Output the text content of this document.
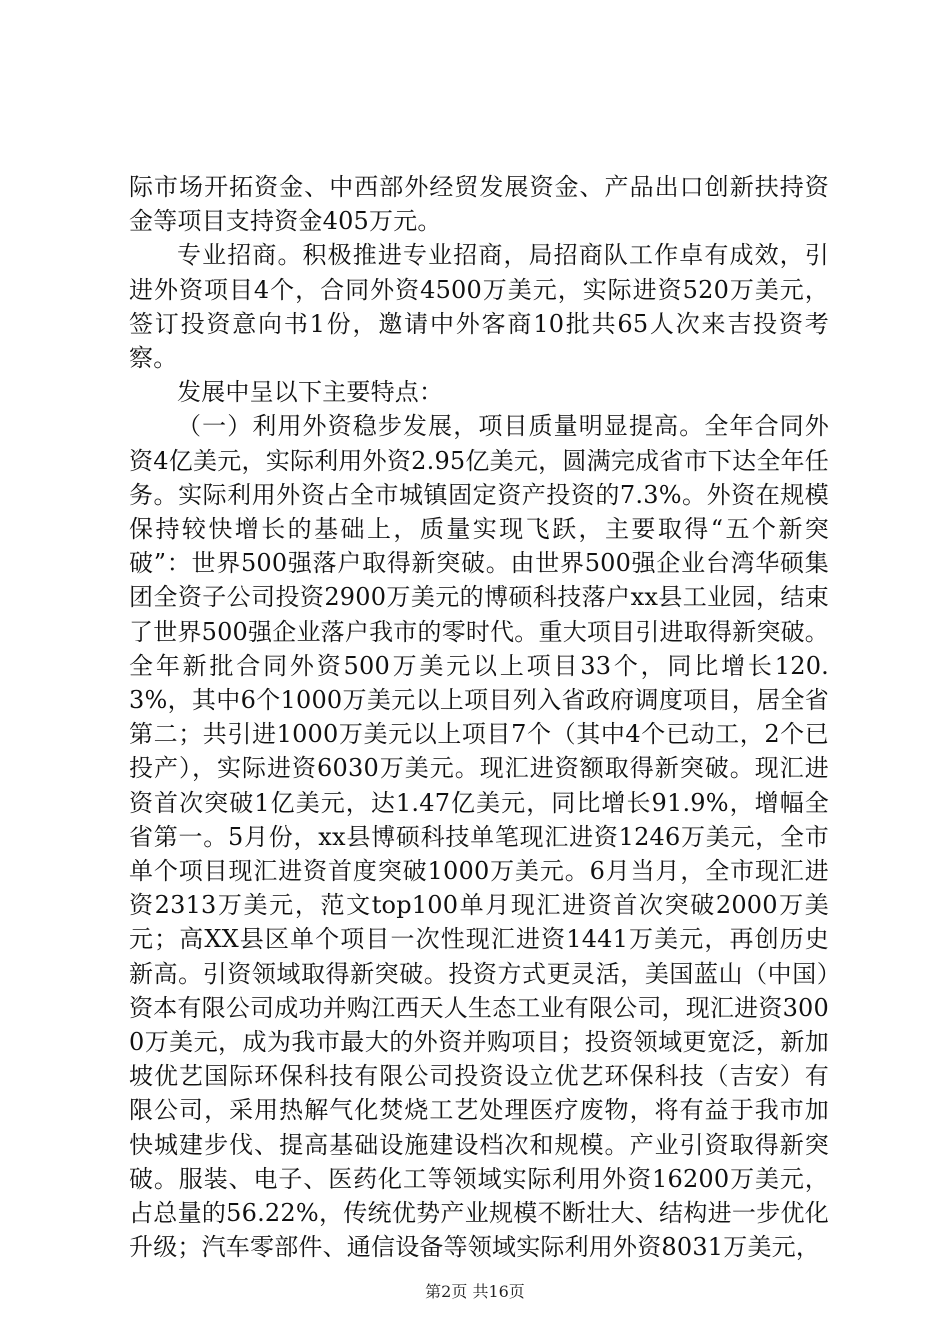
际市场开拓资金、中西部外经贸发展资金、产品出口创新扶持资金等项目支持资金405万元。

专业招商。积极推进专业招商，局招商队工作卓有成效，引进外资项目4个，合同外资4500万美元，实际进资520万美元，签订投资意向书1份，邀请中外客商10批共65人次来吉投资考察。

发展中呈以下主要特点：

（一）利用外资稳步发展，项目质量明显提高。全年合同外资4亿美元，实际利用外资2.95亿美元，圆满完成省市下达全年任务。实际利用外资占全市城镇固定资产投资的7.3%。外资在规模保持较快增长的基础上，质量实现飞跃，主要取得“五个新突破”：世界500强落户取得新突破。由世界500强企业台湾华硕集团全资子公司投资2900万美元的博硕科技落户xx县工业园，结束了世界500强企业落户我市的零时代。重大项目引进取得新突破。全年新批合同外资500万美元以上项目33个，同比增长120.3%，其中6个1000万美元以上项目列入省政府调度项目，居全省第二；共引进1000万美元以上项目7个（其中4个已动工，2个已投产），实际进资6030万美元。现汇进资额取得新突破。现汇进资首次突破1亿美元，达1.47亿美元，同比增长91.9%，增幅全省第一。5月份，xx县博硕科技单笔现汇进资1246万美元，全市单个项目现汇进资首度突破1000万美元。6月当月，全市现汇进资2313万美元，范文top100单月现汇进资首次突破2000万美元；高XX县区单个项目一次性现汇进资1441万美元，再创历史新高。引资领域取得新突破。投资方式更灵活，美国蓝山（中国）资本有限公司成功并购江西天人生态工业有限公司，现汇进资3000万美元，成为我市最大的外资并购项目；投资领域更宽泛，新加坡优艺国际环保科技有限公司投资设立优艺环保科技（吉安）有限公司，采用热解气化焚烧工艺处理医疗废物，将有益于我市加快城建步伐、提高基础设施建设档次和规模。产业引资取得新突破。服装、电子、医药化工等领域实际利用外资16200万美元，占总量的56.22%，传统优势产业规模不断壮大、结构进一步优化升级；汽车零部件、通信设备等领域实际利用外资8031万美元，

第2页 共16页
